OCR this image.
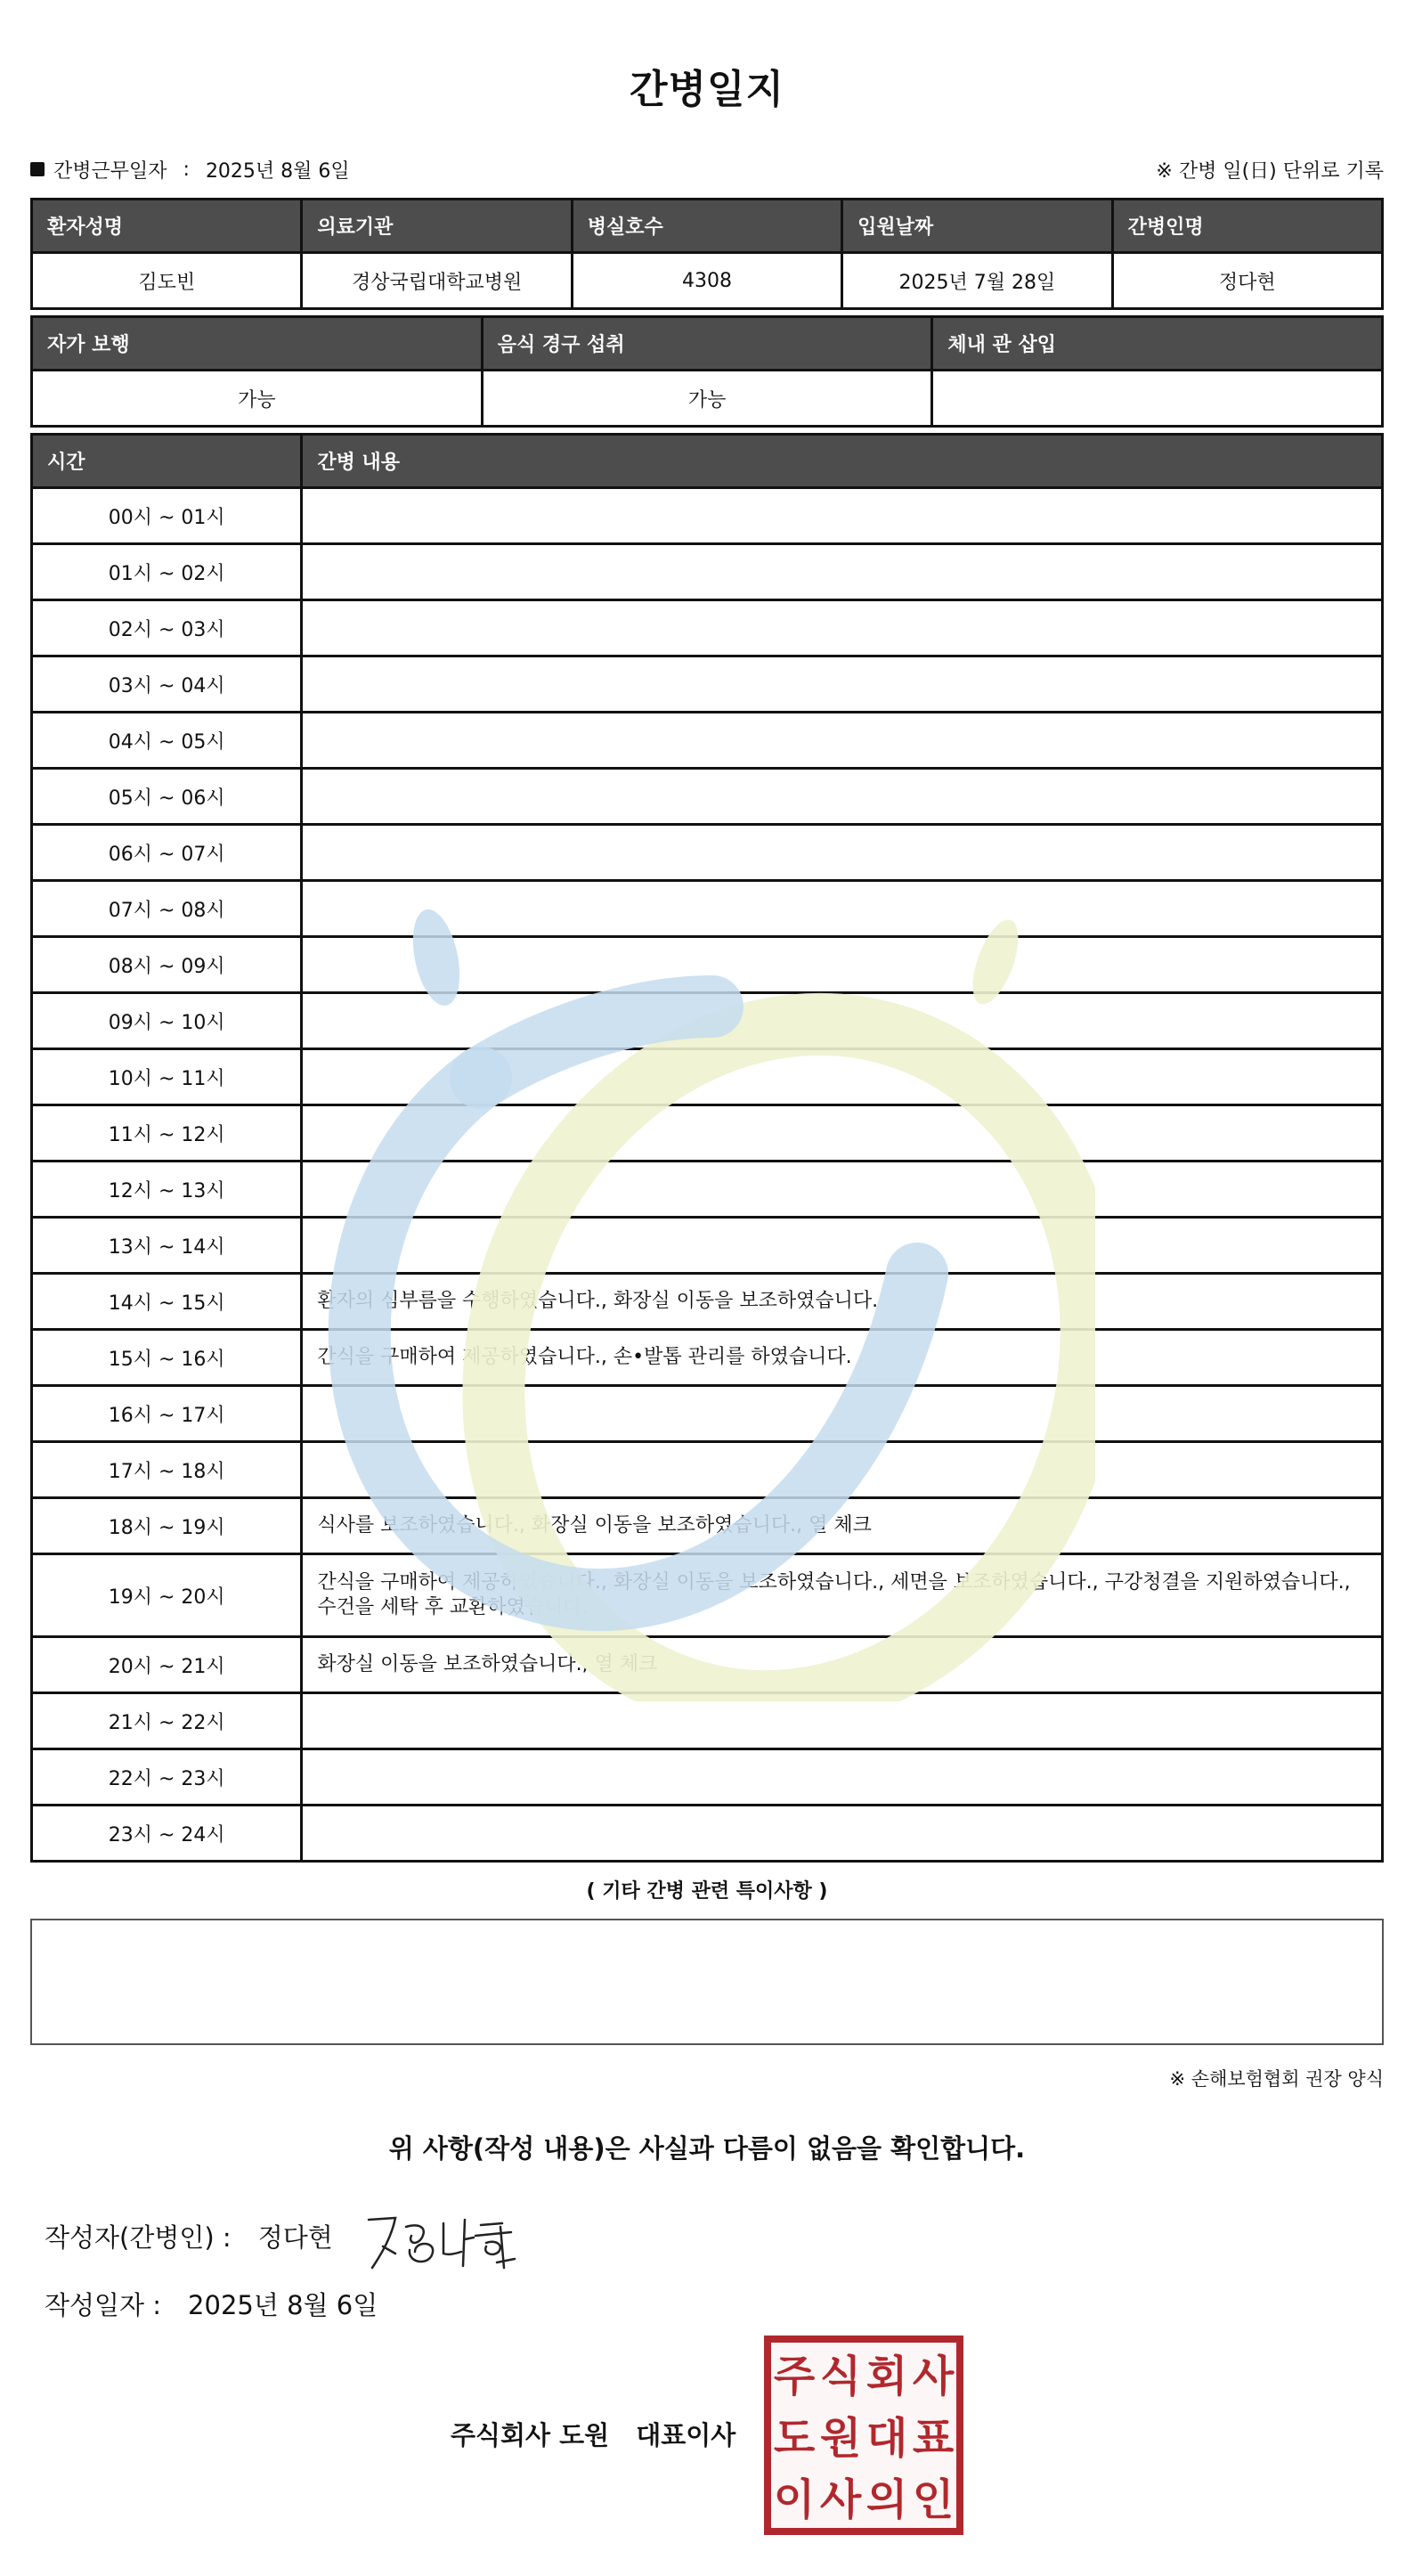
간병일지
간병근무일자 : 2025년 8월 6일	※ 간병 일(日) 단위로 기록
환자성명	의료기관	병실호수	입원날짜	간병인명
김도빈	경상국립대학교병원	4308	2025년 7월 28일	정다현
자가 보행	음식 경구 섭취	체내 관 삽입
가능	가능	
시간	간병 내용
00시 ~ 01시	
01시 ~ 02시	
02시 ~ 03시	
03시 ~ 04시	
04시 ~ 05시	
05시 ~ 06시	
06시 ~ 07시	
07시 ~ 08시	
08시 ~ 09시	
09시 ~ 10시	
10시 ~ 11시	
11시 ~ 12시	
12시 ~ 13시	
13시 ~ 14시	
14시 ~ 15시	환자의 심부름을 수행하였습니다., 화장실 이동을 보조하였습니다.
15시 ~ 16시	간식을 구매하여 제공하였습니다., 손•발톱 관리를 하였습니다.
16시 ~ 17시	
17시 ~ 18시	
18시 ~ 19시	식사를 보조하였습니다., 화장실 이동을 보조하였습니다., 열 체크
19시 ~ 20시	간식을 구매하여 제공하였습니다., 화장실 이동을 보조하였습니다., 세면을 보조하였습니다., 구강청결을 지원하였습니다., 수건을 세탁 후 교환하였습니다.
20시 ~ 21시	화장실 이동을 보조하였습니다., 열 체크
21시 ~ 22시	
22시 ~ 23시	
23시 ~ 24시	
( 기타 간병 관련 특이사항 )
※ 손해보험협회 권장 양식
위 사항(작성 내용)은 사실과 다름이 없음을 확인합니다.
작성자(간병인) : 정다현
작성일자 : 2025년 8월 6일
주식회사 도원 대표이사
주 식 회 사
도 원 대 표
이 사 의 인
